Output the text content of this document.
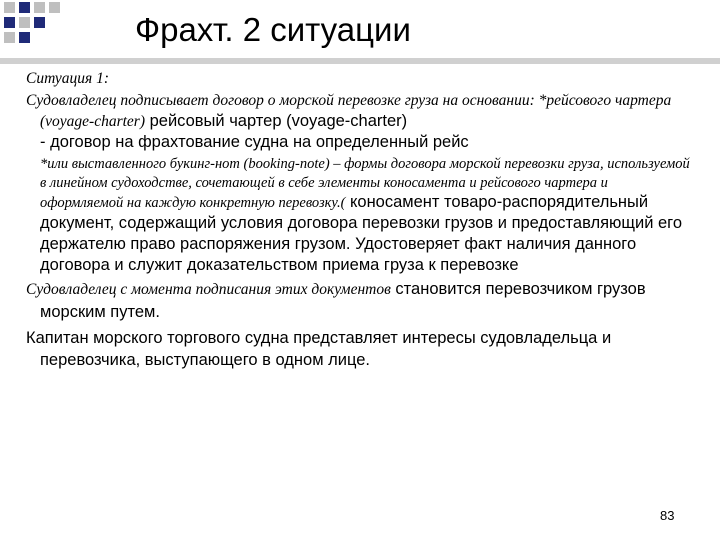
Фрахт. 2 ситуации

Ситуация 1:

Судовладелец подписывает договор о морской перевозке груза на основании: *рейсового чартера (voyage-charter) рейсовый чартер (voyage-charter)

- договор на фрахтование судна на определенный рейс

*или выставленного букинг-нот (booking-note) – формы договора морской перевозки груза, используемой в линейном судоходстве, сочетающей в себе элементы коносамента и рейсового чартера и оформляемой на каждую конкретную перевозку.( коносамент товаро-распорядительный документ, содержащий условия договора перевозки грузов и предоставляющий его держателю право распоряжения грузом. Удостоверяет факт наличия данного договора и служит доказательством приема груза к перевозке

Судовладелец с момента подписания этих документов становится перевозчиком грузов морским путем.

Капитан морского торгового судна представляет интересы судовладельца и перевозчика, выступающего в одном лице.

83
